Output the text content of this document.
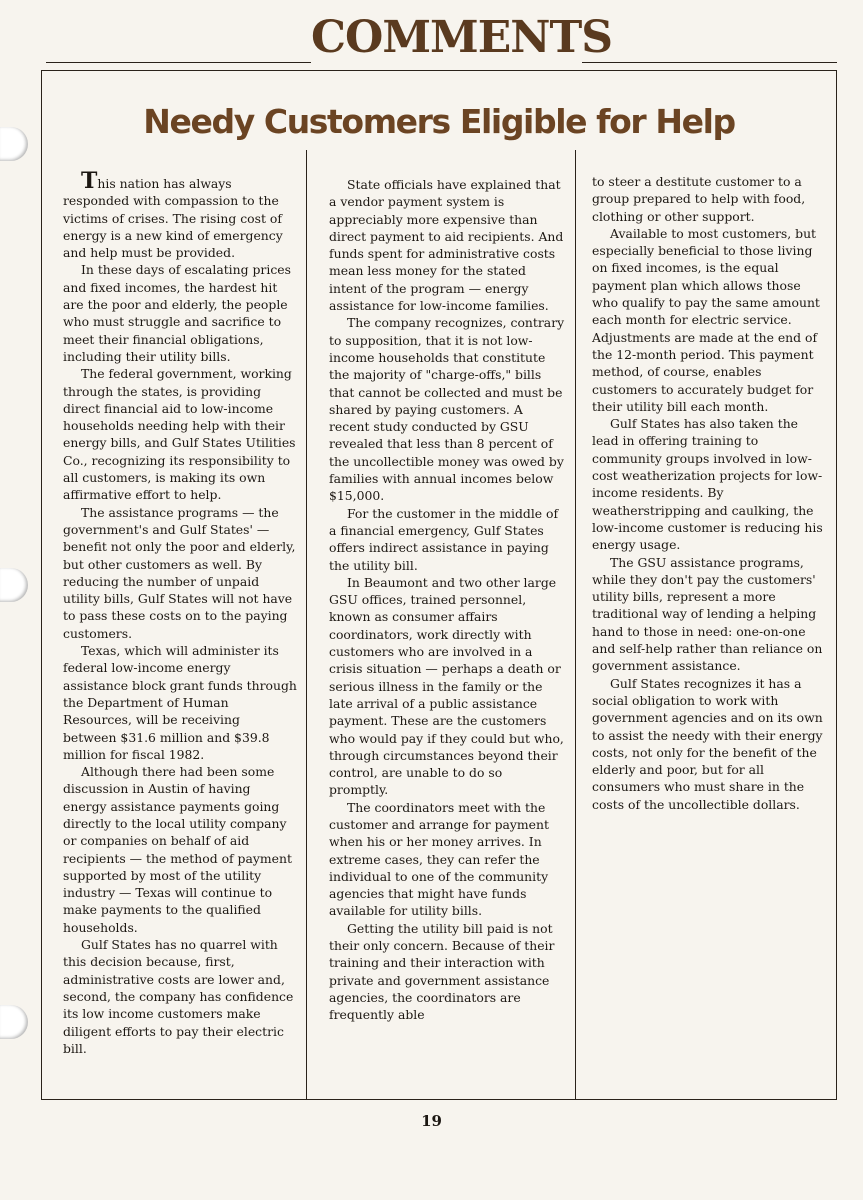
COMMENTS
Needy Customers Eligible for Help

This nation has always responded with compassion to the victims of crises. The rising cost of energy is a new kind of emergency and help must be provided.

In these days of escalating prices and fixed incomes, the hardest hit are the poor and elderly, the people who must struggle and sacrifice to meet their financial obligations, including their utility bills.

The federal government, working through the states, is providing direct financial aid to low-income households needing help with their energy bills, and Gulf States Utilities Co., recognizing its responsibility to all customers, is making its own affirmative effort to help.

The assistance programs — the government's and Gulf States' — benefit not only the poor and elderly, but other customers as well. By reducing the number of unpaid utility bills, Gulf States will not have to pass these costs on to the paying customers.

Texas, which will administer its federal low-income energy assistance block grant funds through the Department of Human Resources, will be receiving between $31.6 million and $39.8 million for fiscal 1982.

Although there had been some discussion in Austin of having energy assistance payments going directly to the local utility company or companies on behalf of aid recipients — the method of payment supported by most of the utility industry — Texas will continue to make payments to the qualified households.

Gulf States has no quarrel with this decision because, first, administrative costs are lower and, second, the company has confidence its low income customers make diligent efforts to pay their electric bill.

State officials have explained that a vendor payment system is appreciably more expensive than direct payment to aid recipients. And funds spent for administrative costs mean less money for the stated intent of the program — energy assistance for low-income families.

The company recognizes, contrary to supposition, that it is not low-income households that constitute the majority of "charge-offs," bills that cannot be collected and must be shared by paying customers. A recent study conducted by GSU revealed that less than 8 percent of the uncollectible money was owed by families with annual incomes below $15,000.

For the customer in the middle of a financial emergency, Gulf States offers indirect assistance in paying the utility bill.

In Beaumont and two other large GSU offices, trained personnel, known as consumer affairs coordinators, work directly with customers who are involved in a crisis situation — perhaps a death or serious illness in the family or the late arrival of a public assistance payment. These are the customers who would pay if they could but who, through circumstances beyond their control, are unable to do so promptly.

The coordinators meet with the customer and arrange for payment when his or her money arrives. In extreme cases, they can refer the individual to one of the community agencies that might have funds available for utility bills.

Getting the utility bill paid is not their only concern. Because of their training and their interaction with private and government assistance agencies, the coordinators are frequently able

to steer a destitute customer to a group prepared to help with food, clothing or other support.

Available to most customers, but especially beneficial to those living on fixed incomes, is the equal payment plan which allows those who qualify to pay the same amount each month for electric service. Adjustments are made at the end of the 12-month period. This payment method, of course, enables customers to accurately budget for their utility bill each month.

Gulf States has also taken the lead in offering training to community groups involved in low-cost weatherization projects for low-income residents. By weatherstripping and caulking, the low-income customer is reducing his energy usage.

The GSU assistance programs, while they don't pay the customers' utility bills, represent a more traditional way of lending a helping hand to those in need: one-on-one and self-help rather than reliance on government assistance.

Gulf States recognizes it has a social obligation to work with government agencies and on its own to assist the needy with their energy costs, not only for the benefit of the elderly and poor, but for all consumers who must share in the costs of the uncollectible dollars.

19
